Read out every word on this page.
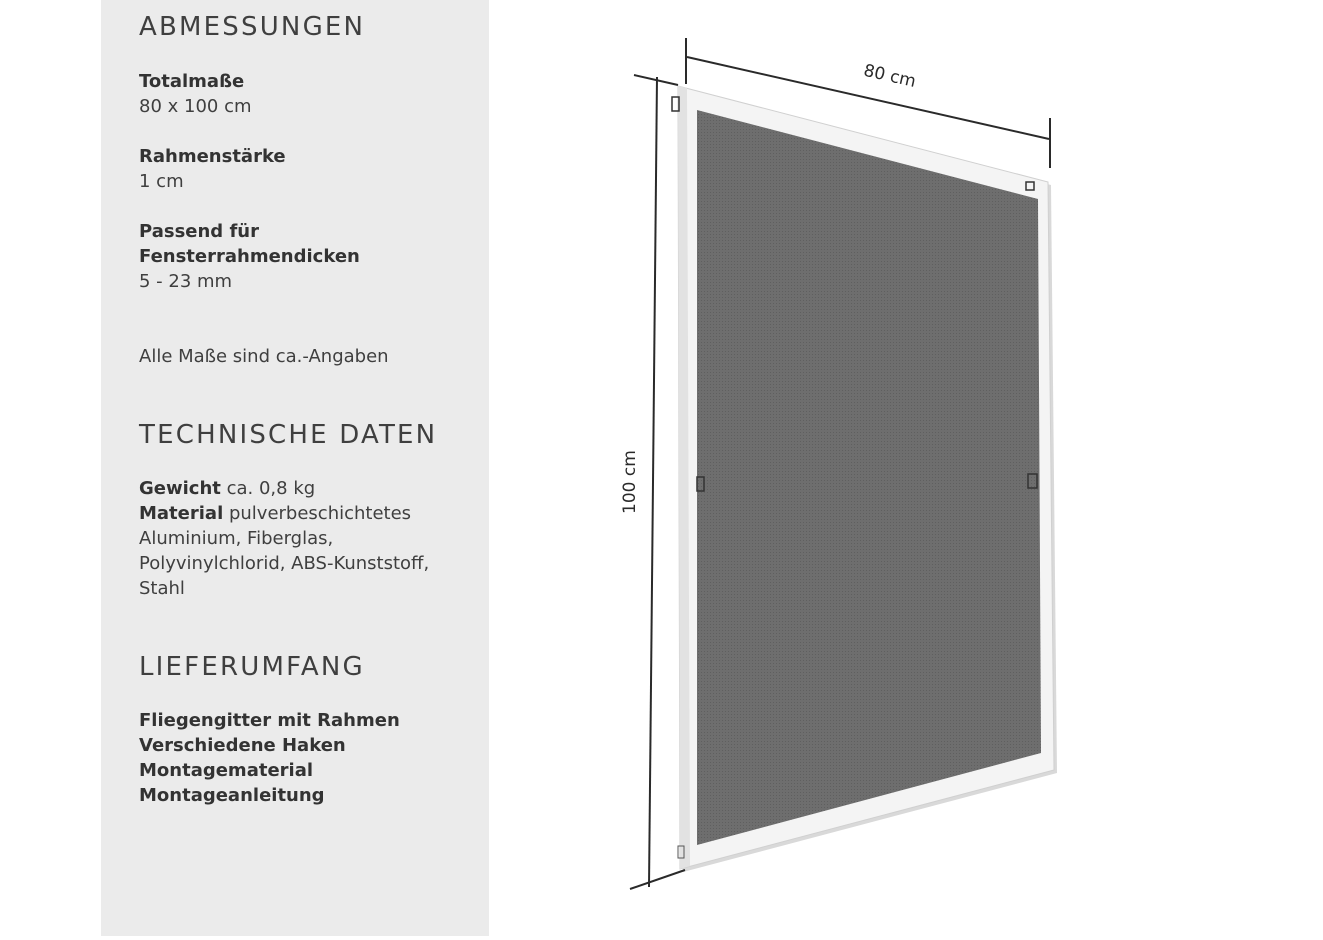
ABMESSUNGEN
Totalmaße
80 x 100 cm
Rahmenstärke
1 cm
Passend für
Fensterrahmendicken
5 - 23 mm
Alle Maße sind ca.-Angaben
TECHNISCHE DATEN
Gewicht ca. 0,8 kg
Material pulverbeschichtetes
Aluminium, Fiberglas,
Polyvinylchlorid, ABS-Kunststoff,
Stahl
LIEFERUMFANG
Fliegengitter mit Rahmen
Verschiedene Haken
Montagematerial
Montageanleitung
80 cm
100 cm
